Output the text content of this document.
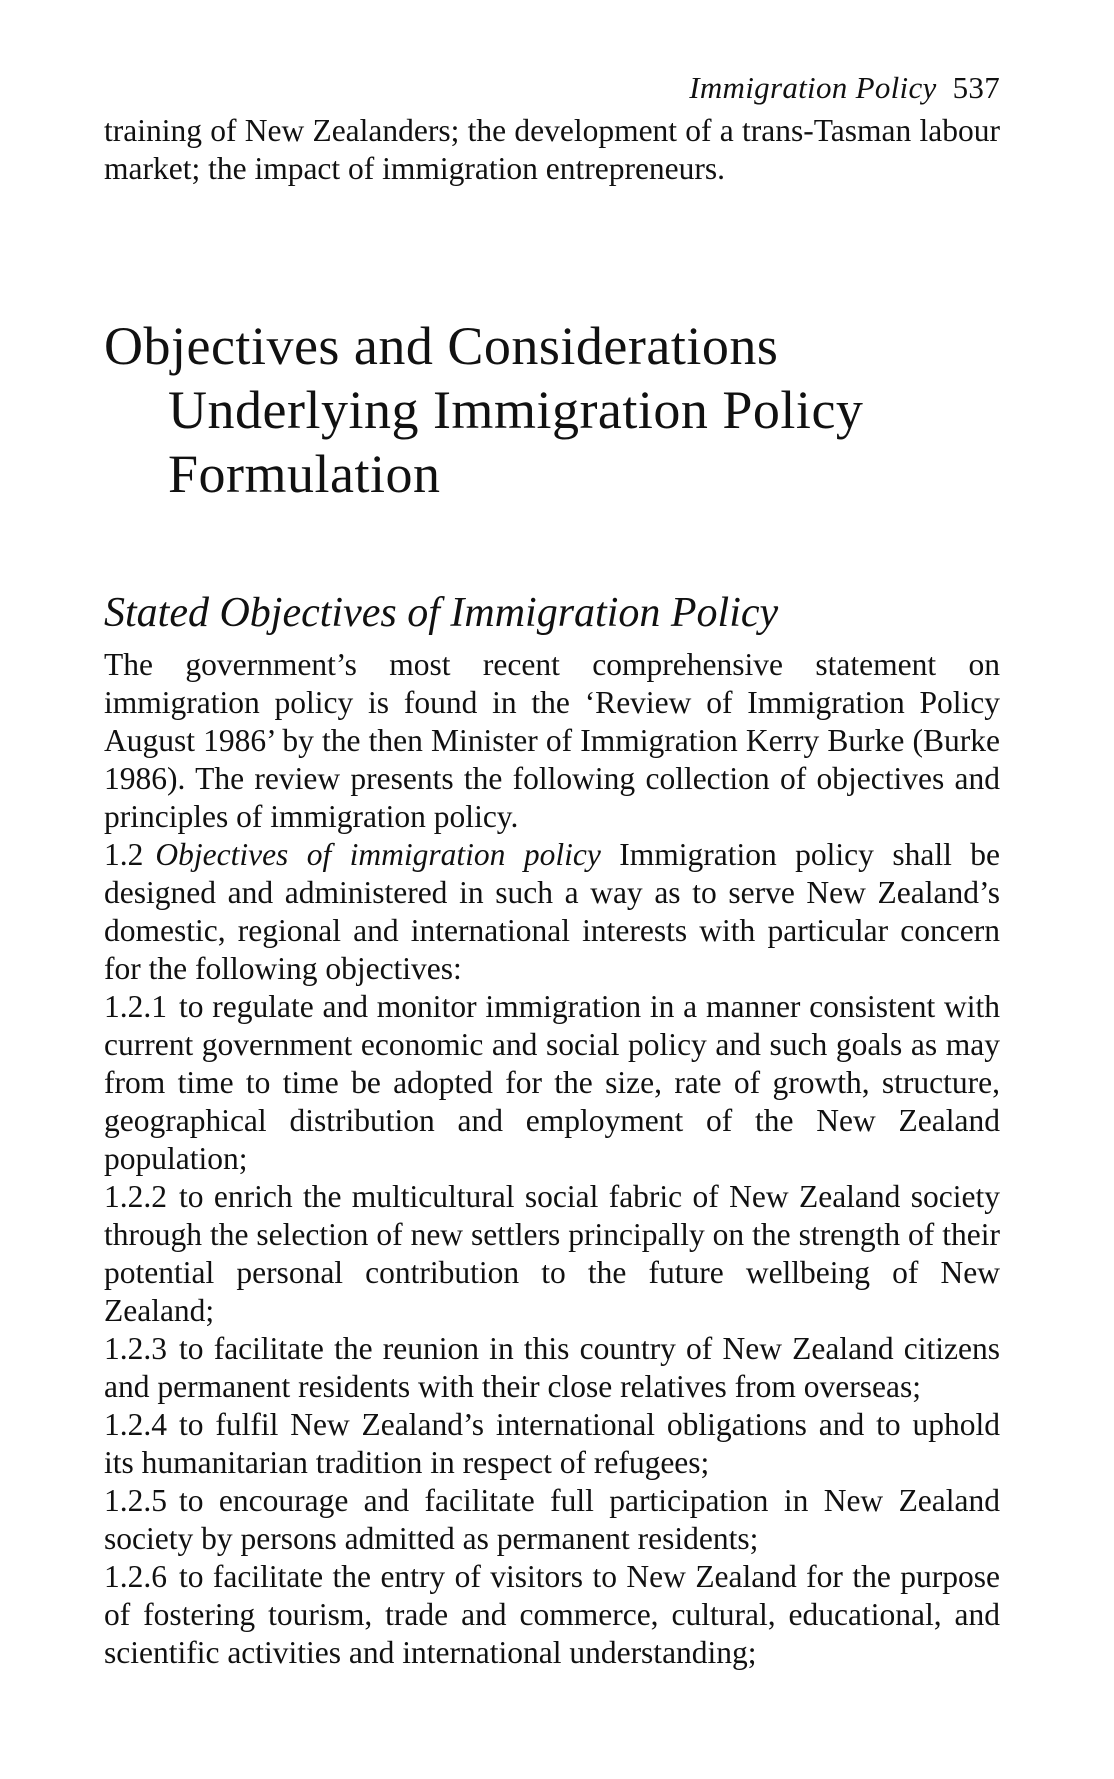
Immigration Policy 537

training of New Zealanders; the development of a trans-Tasman labour market; the impact of immigration entrepreneurs.

Objectives and Considerations Underlying Immigration Policy Formulation
Stated Objectives of Immigration Policy

The government’s most recent comprehensive statement on immigration policy is found in the ‘Review of Immigration Policy August 1986’ by the then Minister of Immigration Kerry Burke (Burke 1986). The review presents the following collection of objectives and principles of immigration policy.

1.2 Objectives of immigration policy Immigration policy shall be designed and administered in such a way as to serve New Zealand’s domestic, regional and international interests with particular concern for the following objectives:

1.2.1 to regulate and monitor immigration in a manner consistent with current government economic and social policy and such goals as may from time to time be adopted for the size, rate of growth, structure, geographical distribution and employment of the New Zealand population;

1.2.2 to enrich the multicultural social fabric of New Zealand society through the selection of new settlers principally on the strength of their potential personal contribution to the future wellbeing of New Zealand;

1.2.3 to facilitate the reunion in this country of New Zealand citizens and permanent residents with their close relatives from overseas;

1.2.4 to fulfil New Zealand’s international obligations and to uphold its humanitarian tradition in respect of refugees;

1.2.5 to encourage and facilitate full participation in New Zealand society by persons admitted as permanent residents;

1.2.6 to facilitate the entry of visitors to New Zealand for the purpose of fostering tourism, trade and commerce, cultural, educational, and scientific activities and international understanding;
